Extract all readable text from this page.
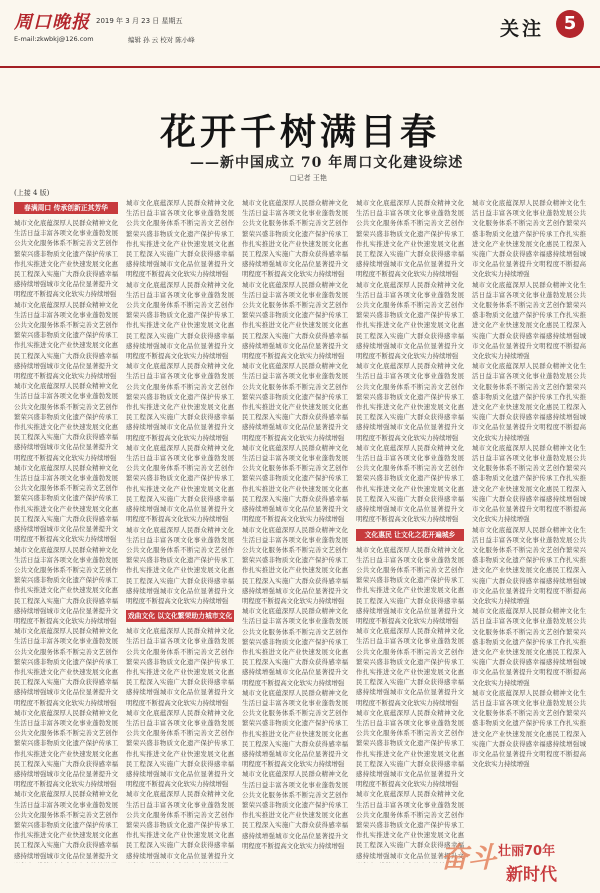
周口晚报 2019 年 3 月 23 日 星期五
E-mail:zkwbkj@126.com	编辑 孙 云 校对 陈小峰	关注	5
花开千树满目春
——新中国成立 70 年周口文化建设综述
□记者 王艳
(上接 4 版)
春满周口 传承创新正其芳华
城市文化底蕴深厚人民群众精神文化生活日益丰富各项文化事业蓬勃发展公共文化服务体系不断完善文艺创作繁荣兴盛非物质文化遗产保护传承工作扎实推进文化产业快速发展文化惠民工程深入实施广大群众获得感幸福感持续增强城市文化品位显著提升文明程度不断提高文化软实力持续增强
城市文化底蕴深厚人民群众精神文化生活日益丰富各项文化事业蓬勃发展公共文化服务体系不断完善文艺创作繁荣兴盛非物质文化遗产保护传承工作扎实推进文化产业快速发展文化惠民工程深入实施广大群众获得感幸福感持续增强城市文化品位显著提升文明程度不断提高文化软实力持续增强
城市文化底蕴深厚人民群众精神文化生活日益丰富各项文化事业蓬勃发展公共文化服务体系不断完善文艺创作繁荣兴盛非物质文化遗产保护传承工作扎实推进文化产业快速发展文化惠民工程深入实施广大群众获得感幸福感持续增强城市文化品位显著提升文明程度不断提高文化软实力持续增强
城市文化底蕴深厚人民群众精神文化生活日益丰富各项文化事业蓬勃发展公共文化服务体系不断完善文艺创作繁荣兴盛非物质文化遗产保护传承工作扎实推进文化产业快速发展文化惠民工程深入实施广大群众获得感幸福感持续增强城市文化品位显著提升文明程度不断提高文化软实力持续增强
城市文化底蕴深厚人民群众精神文化生活日益丰富各项文化事业蓬勃发展公共文化服务体系不断完善文艺创作繁荣兴盛非物质文化遗产保护传承工作扎实推进文化产业快速发展文化惠民工程深入实施广大群众获得感幸福感持续增强城市文化品位显著提升文明程度不断提高文化软实力持续增强
城市文化底蕴深厚人民群众精神文化生活日益丰富各项文化事业蓬勃发展公共文化服务体系不断完善文艺创作繁荣兴盛非物质文化遗产保护传承工作扎实推进文化产业快速发展文化惠民工程深入实施广大群众获得感幸福感持续增强城市文化品位显著提升文明程度不断提高文化软实力持续增强
城市文化底蕴深厚人民群众精神文化生活日益丰富各项文化事业蓬勃发展公共文化服务体系不断完善文艺创作繁荣兴盛非物质文化遗产保护传承工作扎实推进文化产业快速发展文化惠民工程深入实施广大群众获得感幸福感持续增强城市文化品位显著提升文明程度不断提高文化软实力持续增强
城市文化底蕴深厚人民群众精神文化生活日益丰富各项文化事业蓬勃发展公共文化服务体系不断完善文艺创作繁荣兴盛非物质文化遗产保护传承工作扎实推进文化产业快速发展文化惠民工程深入实施广大群众获得感幸福感持续增强城市文化品位显著提升文明程度不断提高文化软实力持续增强
城市文化底蕴深厚人民群众精神文化生活日益丰富各项文化事业蓬勃发展公共文化服务体系不断完善文艺创作繁荣兴盛非物质文化遗产保护传承工作扎实推进文化产业快速发展文化惠民工程深入实施广大群众获得感幸福感持续增强城市文化品位显著提升文明程度不断提高文化软实力持续增强
城市文化底蕴深厚人民群众精神文化生活日益丰富各项文化事业蓬勃发展公共文化服务体系不断完善文艺创作繁荣兴盛非物质文化遗产保护传承工作扎实推进文化产业快速发展文化惠民工程深入实施广大群众获得感幸福感持续增强城市文化品位显著提升文明程度不断提高文化软实力持续增强
城市文化底蕴深厚人民群众精神文化生活日益丰富各项文化事业蓬勃发展公共文化服务体系不断完善文艺创作繁荣兴盛非物质文化遗产保护传承工作扎实推进文化产业快速发展文化惠民工程深入实施广大群众获得感幸福感持续增强城市文化品位显著提升文明程度不断提高文化软实力持续增强
城市文化底蕴深厚人民群众精神文化生活日益丰富各项文化事业蓬勃发展公共文化服务体系不断完善文艺创作繁荣兴盛非物质文化遗产保护传承工作扎实推进文化产业快速发展文化惠民工程深入实施广大群众获得感幸福感持续增强城市文化品位显著提升文明程度不断提高文化软实力持续增强
城市文化底蕴深厚人民群众精神文化生活日益丰富各项文化事业蓬勃发展公共文化服务体系不断完善文艺创作繁荣兴盛非物质文化遗产保护传承工作扎实推进文化产业快速发展文化惠民工程深入实施广大群众获得感幸福感持续增强城市文化品位显著提升文明程度不断提高文化软实力持续增强
戏曲文化 以文化繁荣助力城市文化
城市文化底蕴深厚人民群众精神文化生活日益丰富各项文化事业蓬勃发展公共文化服务体系不断完善文艺创作繁荣兴盛非物质文化遗产保护传承工作扎实推进文化产业快速发展文化惠民工程深入实施广大群众获得感幸福感持续增强城市文化品位显著提升文明程度不断提高文化软实力持续增强
城市文化底蕴深厚人民群众精神文化生活日益丰富各项文化事业蓬勃发展公共文化服务体系不断完善文艺创作繁荣兴盛非物质文化遗产保护传承工作扎实推进文化产业快速发展文化惠民工程深入实施广大群众获得感幸福感持续增强城市文化品位显著提升文明程度不断提高文化软实力持续增强
城市文化底蕴深厚人民群众精神文化生活日益丰富各项文化事业蓬勃发展公共文化服务体系不断完善文艺创作繁荣兴盛非物质文化遗产保护传承工作扎实推进文化产业快速发展文化惠民工程深入实施广大群众获得感幸福感持续增强城市文化品位显著提升文明程度不断提高文化软实力持续增强
城市文化底蕴深厚人民群众精神文化生活日益丰富各项文化事业蓬勃发展公共文化服务体系不断完善文艺创作繁荣兴盛非物质文化遗产保护传承工作扎实推进文化产业快速发展文化惠民工程深入实施广大群众获得感幸福感持续增强城市文化品位显著提升文明程度不断提高文化软实力持续增强
城市文化底蕴深厚人民群众精神文化生活日益丰富各项文化事业蓬勃发展公共文化服务体系不断完善文艺创作繁荣兴盛非物质文化遗产保护传承工作扎实推进文化产业快速发展文化惠民工程深入实施广大群众获得感幸福感持续增强城市文化品位显著提升文明程度不断提高文化软实力持续增强
城市文化底蕴深厚人民群众精神文化生活日益丰富各项文化事业蓬勃发展公共文化服务体系不断完善文艺创作繁荣兴盛非物质文化遗产保护传承工作扎实推进文化产业快速发展文化惠民工程深入实施广大群众获得感幸福感持续增强城市文化品位显著提升文明程度不断提高文化软实力持续增强
城市文化底蕴深厚人民群众精神文化生活日益丰富各项文化事业蓬勃发展公共文化服务体系不断完善文艺创作繁荣兴盛非物质文化遗产保护传承工作扎实推进文化产业快速发展文化惠民工程深入实施广大群众获得感幸福感持续增强城市文化品位显著提升文明程度不断提高文化软实力持续增强
城市文化底蕴深厚人民群众精神文化生活日益丰富各项文化事业蓬勃发展公共文化服务体系不断完善文艺创作繁荣兴盛非物质文化遗产保护传承工作扎实推进文化产业快速发展文化惠民工程深入实施广大群众获得感幸福感持续增强城市文化品位显著提升文明程度不断提高文化软实力持续增强
城市文化底蕴深厚人民群众精神文化生活日益丰富各项文化事业蓬勃发展公共文化服务体系不断完善文艺创作繁荣兴盛非物质文化遗产保护传承工作扎实推进文化产业快速发展文化惠民工程深入实施广大群众获得感幸福感持续增强城市文化品位显著提升文明程度不断提高文化软实力持续增强
城市文化底蕴深厚人民群众精神文化生活日益丰富各项文化事业蓬勃发展公共文化服务体系不断完善文艺创作繁荣兴盛非物质文化遗产保护传承工作扎实推进文化产业快速发展文化惠民工程深入实施广大群众获得感幸福感持续增强城市文化品位显著提升文明程度不断提高文化软实力持续增强
城市文化底蕴深厚人民群众精神文化生活日益丰富各项文化事业蓬勃发展公共文化服务体系不断完善文艺创作繁荣兴盛非物质文化遗产保护传承工作扎实推进文化产业快速发展文化惠民工程深入实施广大群众获得感幸福感持续增强城市文化品位显著提升文明程度不断提高文化软实力持续增强
城市文化底蕴深厚人民群众精神文化生活日益丰富各项文化事业蓬勃发展公共文化服务体系不断完善文艺创作繁荣兴盛非物质文化遗产保护传承工作扎实推进文化产业快速发展文化惠民工程深入实施广大群众获得感幸福感持续增强城市文化品位显著提升文明程度不断提高文化软实力持续增强
城市文化底蕴深厚人民群众精神文化生活日益丰富各项文化事业蓬勃发展公共文化服务体系不断完善文艺创作繁荣兴盛非物质文化遗产保护传承工作扎实推进文化产业快速发展文化惠民工程深入实施广大群众获得感幸福感持续增强城市文化品位显著提升文明程度不断提高文化软实力持续增强
城市文化底蕴深厚人民群众精神文化生活日益丰富各项文化事业蓬勃发展公共文化服务体系不断完善文艺创作繁荣兴盛非物质文化遗产保护传承工作扎实推进文化产业快速发展文化惠民工程深入实施广大群众获得感幸福感持续增强城市文化品位显著提升文明程度不断提高文化软实力持续增强
城市文化底蕴深厚人民群众精神文化生活日益丰富各项文化事业蓬勃发展公共文化服务体系不断完善文艺创作繁荣兴盛非物质文化遗产保护传承工作扎实推进文化产业快速发展文化惠民工程深入实施广大群众获得感幸福感持续增强城市文化品位显著提升文明程度不断提高文化软实力持续增强
文化惠民 让文化之花开遍城乡
城市文化底蕴深厚人民群众精神文化生活日益丰富各项文化事业蓬勃发展公共文化服务体系不断完善文艺创作繁荣兴盛非物质文化遗产保护传承工作扎实推进文化产业快速发展文化惠民工程深入实施广大群众获得感幸福感持续增强城市文化品位显著提升文明程度不断提高文化软实力持续增强
城市文化底蕴深厚人民群众精神文化生活日益丰富各项文化事业蓬勃发展公共文化服务体系不断完善文艺创作繁荣兴盛非物质文化遗产保护传承工作扎实推进文化产业快速发展文化惠民工程深入实施广大群众获得感幸福感持续增强城市文化品位显著提升文明程度不断提高文化软实力持续增强
城市文化底蕴深厚人民群众精神文化生活日益丰富各项文化事业蓬勃发展公共文化服务体系不断完善文艺创作繁荣兴盛非物质文化遗产保护传承工作扎实推进文化产业快速发展文化惠民工程深入实施广大群众获得感幸福感持续增强城市文化品位显著提升文明程度不断提高文化软实力持续增强
城市文化底蕴深厚人民群众精神文化生活日益丰富各项文化事业蓬勃发展公共文化服务体系不断完善文艺创作繁荣兴盛非物质文化遗产保护传承工作扎实推进文化产业快速发展文化惠民工程深入实施广大群众获得感幸福感持续增强城市文化品位显著提升文明程度不断提高文化软实力持续增强
城市文化底蕴深厚人民群众精神文化生活日益丰富各项文化事业蓬勃发展公共文化服务体系不断完善文艺创作繁荣兴盛非物质文化遗产保护传承工作扎实推进文化产业快速发展文化惠民工程深入实施广大群众获得感幸福感持续增强城市文化品位显著提升文明程度不断提高文化软实力持续增强
城市文化底蕴深厚人民群众精神文化生活日益丰富各项文化事业蓬勃发展公共文化服务体系不断完善文艺创作繁荣兴盛非物质文化遗产保护传承工作扎实推进文化产业快速发展文化惠民工程深入实施广大群众获得感幸福感持续增强城市文化品位显著提升文明程度不断提高文化软实力持续增强
城市文化底蕴深厚人民群众精神文化生活日益丰富各项文化事业蓬勃发展公共文化服务体系不断完善文艺创作繁荣兴盛非物质文化遗产保护传承工作扎实推进文化产业快速发展文化惠民工程深入实施广大群众获得感幸福感持续增强城市文化品位显著提升文明程度不断提高文化软实力持续增强
城市文化底蕴深厚人民群众精神文化生活日益丰富各项文化事业蓬勃发展公共文化服务体系不断完善文艺创作繁荣兴盛非物质文化遗产保护传承工作扎实推进文化产业快速发展文化惠民工程深入实施广大群众获得感幸福感持续增强城市文化品位显著提升文明程度不断提高文化软实力持续增强
城市文化底蕴深厚人民群众精神文化生活日益丰富各项文化事业蓬勃发展公共文化服务体系不断完善文艺创作繁荣兴盛非物质文化遗产保护传承工作扎实推进文化产业快速发展文化惠民工程深入实施广大群众获得感幸福感持续增强城市文化品位显著提升文明程度不断提高文化软实力持续增强
城市文化底蕴深厚人民群众精神文化生活日益丰富各项文化事业蓬勃发展公共文化服务体系不断完善文艺创作繁荣兴盛非物质文化遗产保护传承工作扎实推进文化产业快速发展文化惠民工程深入实施广大群众获得感幸福感持续增强城市文化品位显著提升文明程度不断提高文化软实力持续增强
城市文化底蕴深厚人民群众精神文化生活日益丰富各项文化事业蓬勃发展公共文化服务体系不断完善文艺创作繁荣兴盛非物质文化遗产保护传承工作扎实推进文化产业快速发展文化惠民工程深入实施广大群众获得感幸福感持续增强城市文化品位显著提升文明程度不断提高文化软实力持续增强
奋斗 壮丽70年
新时代
